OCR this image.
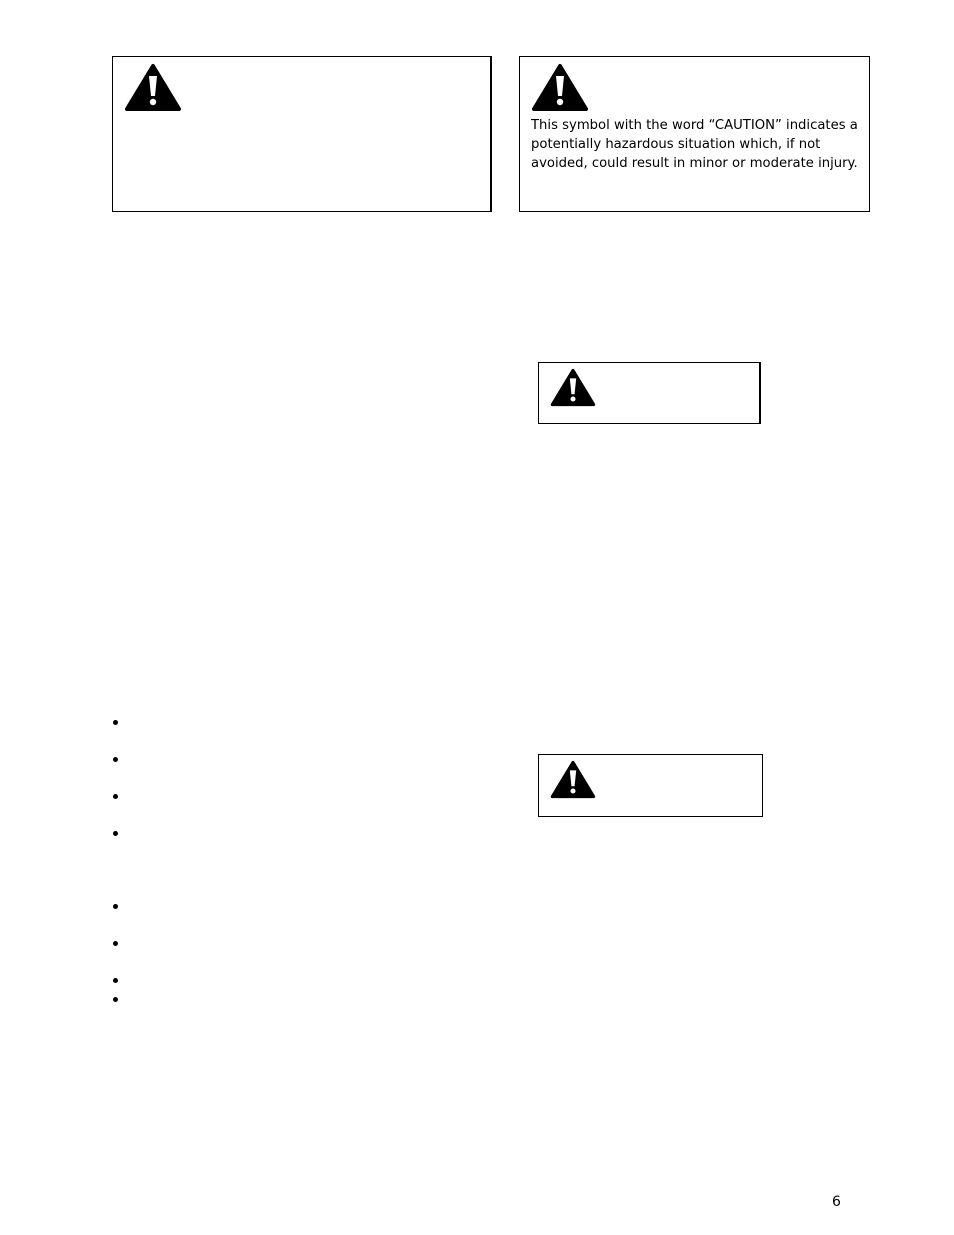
This symbol with the word “CAUTION” indicates a potentially hazardous situation which, if not avoided, could result in minor or moderate injury.

6
